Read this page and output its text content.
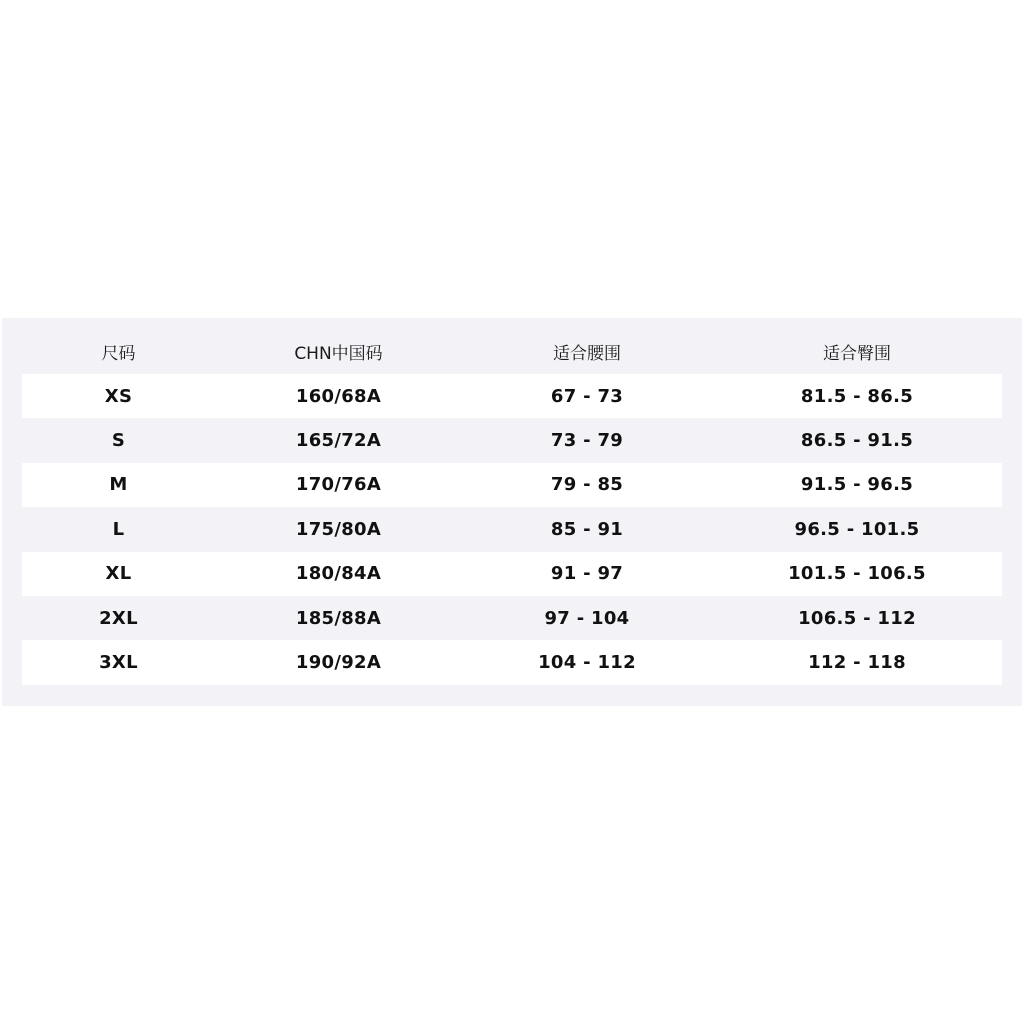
尺码	CHN中国码	适合腰围	适合臀围
XS	160/68A	67 - 73	81.5 - 86.5
S	165/72A	73 - 79	86.5 - 91.5
M	170/76A	79 - 85	91.5 - 96.5
L	175/80A	85 - 91	96.5 - 101.5
XL	180/84A	91 - 97	101.5 - 106.5
2XL	185/88A	97 - 104	106.5 - 112
3XL	190/92A	104 - 112	112 - 118
